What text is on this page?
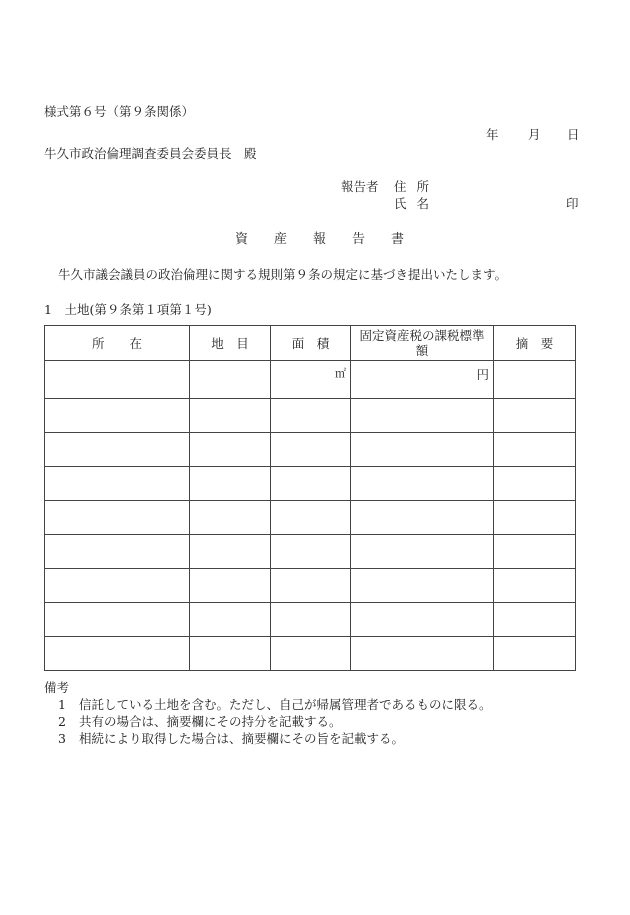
様式第６号（第９条関係）
年 月 日
牛久市政治倫理調査委員会委員長　殿
報告者 住 所
氏 名	印
資　　産　　報　　告　　書
牛久市議会議員の政治倫理に関する規則第９条の規定に基づき提出いたします。
1　土地(第９条第１項第１号)
所　　在	地　目	面　積	固定資産税の課税標準額	摘　要
		㎡	円	

備考
1 信託している土地を含む。ただし、自己が帰属管理者であるものに限る。
2 共有の場合は、摘要欄にその持分を記載する。
3 相続により取得した場合は、摘要欄にその旨を記載する。
